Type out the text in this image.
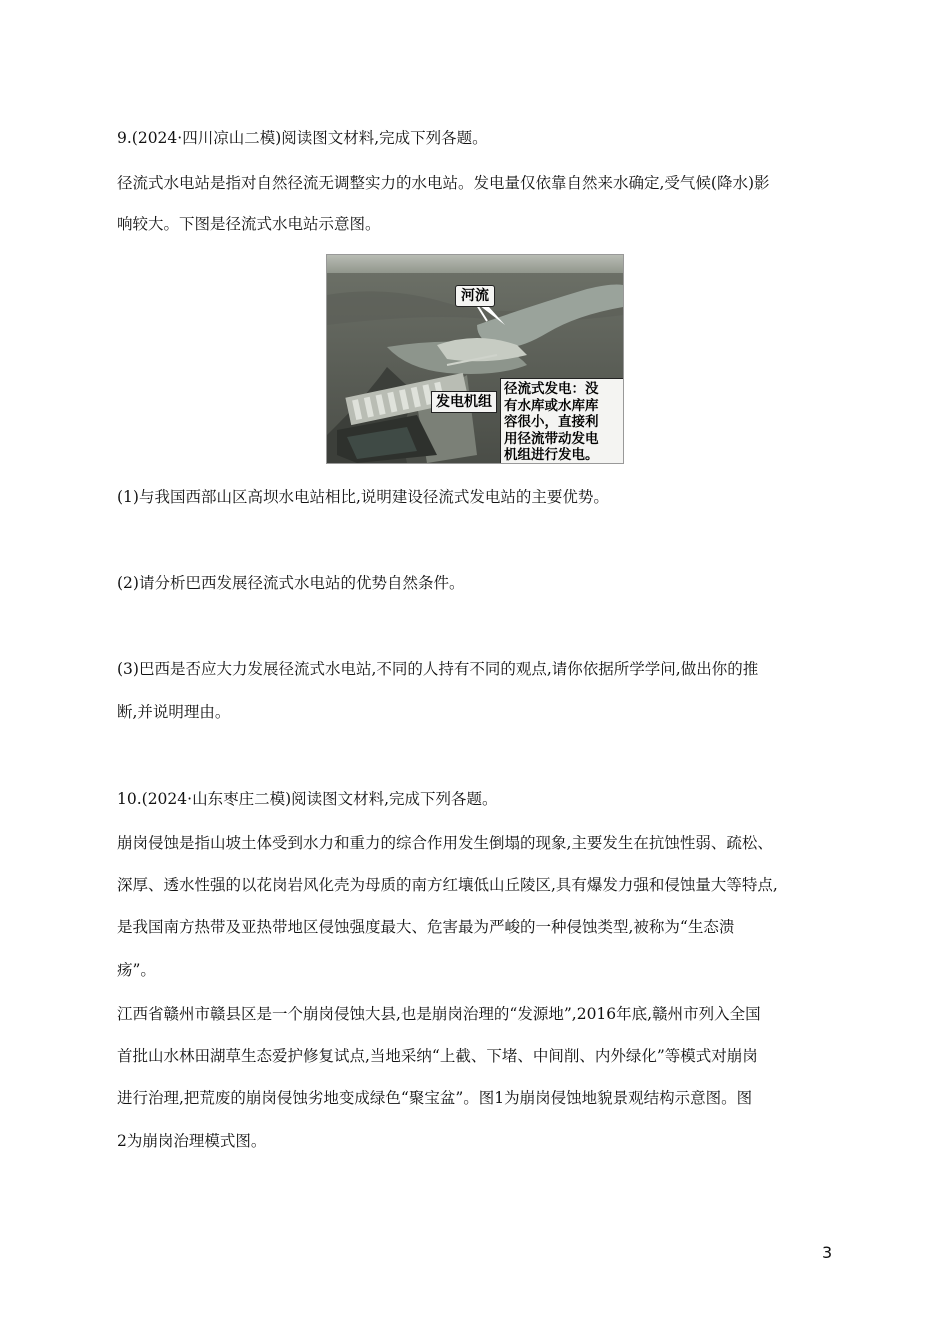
9.(2024·四川凉山二模)阅读图文材料,完成下列各题。
径流式水电站是指对自然径流无调整实力的水电站。发电量仅依靠自然来水确定,受气候(降水)影
响较大。下图是径流式水电站示意图。
河流
发电机组
径流式发电：没
有水库或水库库
容很小，直接利
用径流带动发电
机组进行发电。
(1)与我国西部山区高坝水电站相比,说明建设径流式发电站的主要优势。
(2)请分析巴西发展径流式水电站的优势自然条件。
(3)巴西是否应大力发展径流式水电站,不同的人持有不同的观点,请你依据所学学问,做出你的推
断,并说明理由。
10.(2024·山东枣庄二模)阅读图文材料,完成下列各题。
崩岗侵蚀是指山坡土体受到水力和重力的综合作用发生倒塌的现象,主要发生在抗蚀性弱、疏松、
深厚、透水性强的以花岗岩风化壳为母质的南方红壤低山丘陵区,具有爆发力强和侵蚀量大等特点,
是我国南方热带及亚热带地区侵蚀强度最大、危害最为严峻的一种侵蚀类型,被称为“生态溃
疡”。
江西省赣州市赣县区是一个崩岗侵蚀大县,也是崩岗治理的“发源地”,2016年底,赣州市列入全国
首批山水林田湖草生态爱护修复试点,当地采纳“上截、下堵、中间削、内外绿化”等模式对崩岗
进行治理,把荒废的崩岗侵蚀劣地变成绿色“聚宝盆”。图1为崩岗侵蚀地貌景观结构示意图。图
2为崩岗治理模式图。
3
